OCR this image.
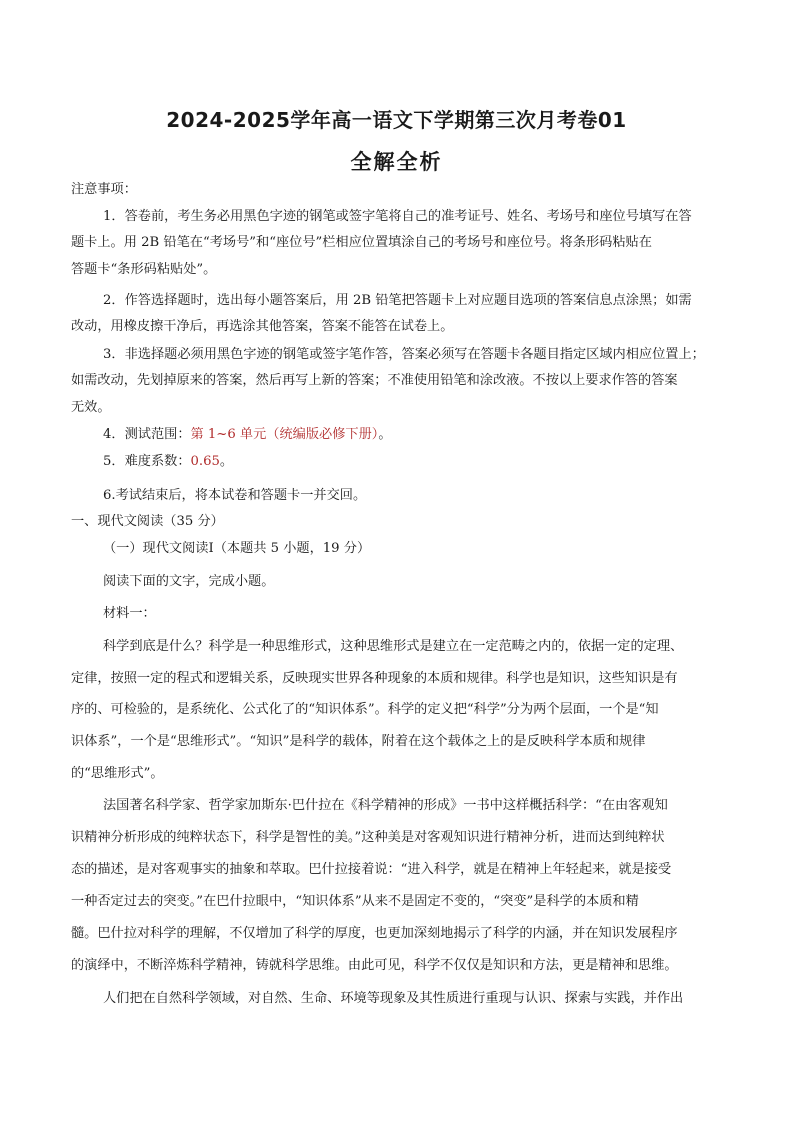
2024-2025学年高一语文下学期第三次月考卷01
全解全析
注意事项：
1．答卷前，考生务必用黑色字迹的钢笔或签字笔将自己的准考证号、姓名、考场号和座位号填写在答
题卡上。用 2B 铅笔在“考场号”和“座位号”栏相应位置填涂自己的考场号和座位号。将条形码粘贴在
答题卡“条形码粘贴处”。
2．作答选择题时，选出每小题答案后，用 2B 铅笔把答题卡上对应题目选项的答案信息点涂黑；如需
改动，用橡皮擦干净后，再选涂其他答案，答案不能答在试卷上。
3．非选择题必须用黑色字迹的钢笔或签字笔作答，答案必须写在答题卡各题目指定区域内相应位置上；
如需改动，先划掉原来的答案，然后再写上新的答案；不准使用铅笔和涂改液。不按以上要求作答的答案
无效。
4．测试范围：第 1~6 单元（统编版必修下册）。
5．难度系数：0.65。
6.考试结束后，将本试卷和答题卡一并交回。
一、现代文阅读（35 分）
（一）现代文阅读Ⅰ（本题共 5 小题，19 分）
阅读下面的文字，完成小题。
材料一：
科学到底是什么？科学是一种思维形式，这种思维形式是建立在一定范畴之内的，依据一定的定理、
定律，按照一定的程式和逻辑关系，反映现实世界各种现象的本质和规律。科学也是知识，这些知识是有
序的、可检验的，是系统化、公式化了的“知识体系”。科学的定义把“科学”分为两个层面，一个是“知
识体系”，一个是“思维形式”。“知识”是科学的载体，附着在这个载体之上的是反映科学本质和规律
的“思维形式”。
法国著名科学家、哲学家加斯东·巴什拉在《科学精神的形成》一书中这样概括科学：“在由客观知
识精神分析形成的纯粹状态下，科学是智性的美。”这种美是对客观知识进行精神分析，进而达到纯粹状
态的描述，是对客观事实的抽象和萃取。巴什拉接着说：“进入科学，就是在精神上年轻起来，就是接受
一种否定过去的突变。”在巴什拉眼中，“知识体系”从来不是固定不变的，“突变”是科学的本质和精
髓。巴什拉对科学的理解，不仅增加了科学的厚度，也更加深刻地揭示了科学的内涵，并在知识发展程序
的演绎中，不断淬炼科学精神，铸就科学思维。由此可见，科学不仅仅是知识和方法，更是精神和思维。
人们把在自然科学领域，对自然、生命、环境等现象及其性质进行重现与认识、探索与实践，并作出
